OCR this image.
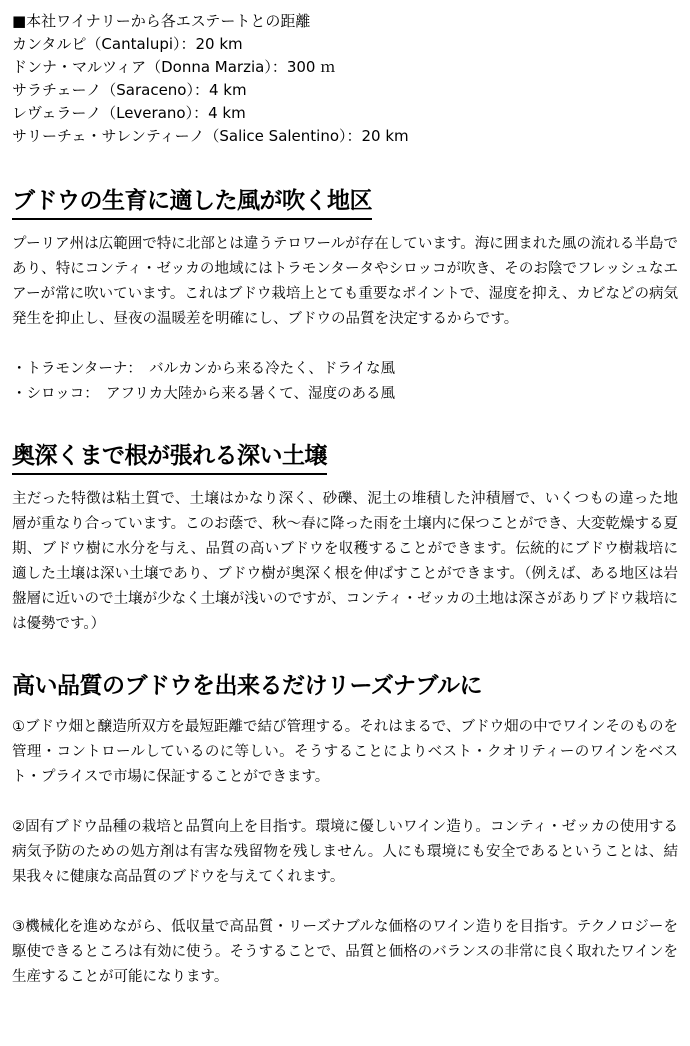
■本社ワイナリーから各エステートとの距離
カンタルピ（Cantalupi）：20 km
ドンナ・マルツィア（Donna Marzia）：300 ｍ
サラチェーノ（Saraceno）：4 km
レヴェラーノ（Leverano）：4 km
サリーチェ・サレンティーノ（Salice Salentino）：20 km
ブドウの生育に適した風が吹く地区

プーリア州は広範囲で特に北部とは違うテロワールが存在しています。海に囲まれた風の流れる半島であり、特にコンティ・ゼッカの地域にはトラモンタータやシロッコが吹き、そのお陰でフレッシュなエアーが常に吹いています。これはブドウ栽培上とても重要なポイントで、湿度を抑え、カビなどの病気発生を抑止し、昼夜の温暖差を明確にし、ブドウの品質を決定するからです。

・トラモンターナ：　バルカンから来る冷たく、ドライな風
・シロッコ：　アフリカ大陸から来る暑くて、湿度のある風
奥深くまで根が張れる深い土壌

主だった特徴は粘土質で、土壌はかなり深く、砂礫、泥土の堆積した沖積層で、いくつもの違った地層が重なり合っています。このお蔭で、秋〜春に降った雨を土壌内に保つことができ、大変乾燥する夏期、ブドウ樹に水分を与え、品質の高いブドウを収穫することができます。伝統的にブドウ樹栽培に適した土壌は深い土壌であり、ブドウ樹が奥深く根を伸ばすことができます。（例えば、ある地区は岩盤層に近いので土壌が少なく土壌が浅いのですが、コンティ・ゼッカの土地は深さがありブドウ栽培には優勢です。）

高い品質のブドウを出来るだけリーズナブルに

①ブドウ畑と醸造所双方を最短距離で結び管理する。それはまるで、ブドウ畑の中でワインそのものを管理・コントロールしているのに等しい。そうすることによりベスト・クオリティーのワインをベスト・プライスで市場に保証することができます。

②固有ブドウ品種の栽培と品質向上を目指す。環境に優しいワイン造り。コンティ・ゼッカの使用する病気予防のための処方剤は有害な残留物を残しません。人にも環境にも安全であるということは、結果我々に健康な高品質のブドウを与えてくれます。

③機械化を進めながら、低収量で高品質・リーズナブルな価格のワイン造りを目指す。テクノロジーを駆使できるところは有効に使う。そうすることで、品質と価格のバランスの非常に良く取れたワインを生産することが可能になります。
